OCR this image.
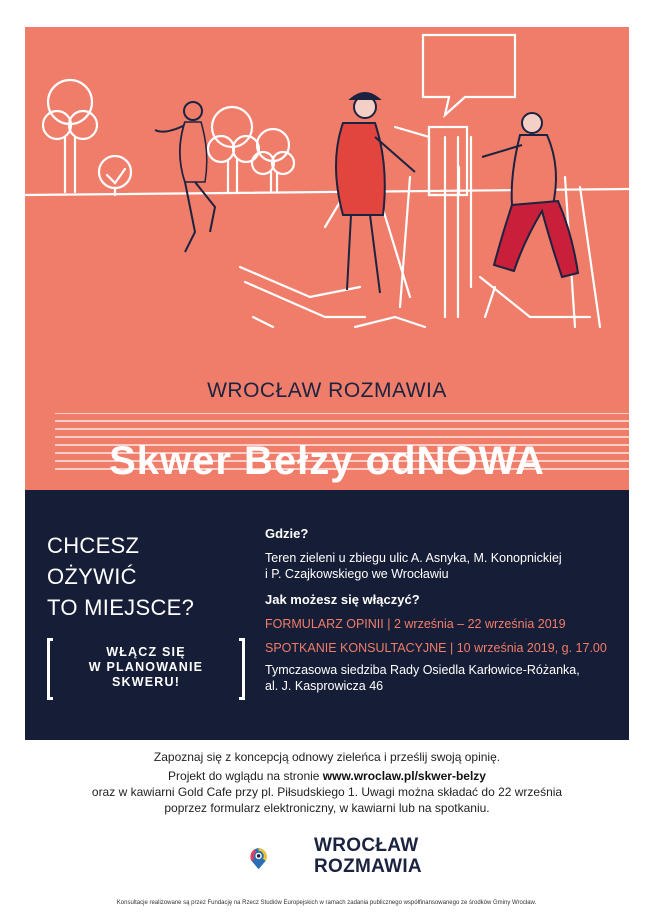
WROCŁAW ROZMAWIA
Skwer Bełzy odNOWA
CHCESZ
OŻYWIĆ
TO MIEJSCE?
WŁĄCZ SIĘ
W PLANOWANIE
SKWERU!
Gdzie?
Teren zieleni u zbiegu ulic A. Asnyka, M. Konopnickiej
i P. Czajkowskiego we Wrocławiu
Jak możesz się włączyć?
FORMULARZ OPINII | 2 września – 22 września 2019
SPOTKANIE KONSULTACYJNE | 10 września 2019, g. 17.00
Tymczasowa siedziba Rady Osiedla Karłowice-Różanka,
al. J. Kasprowicza 46
Zapoznaj się z koncepcją odnowy zieleńca i prześlij swoją opinię.
Projekt do wglądu na stronie www.wroclaw.pl/skwer-belzy
oraz w kawiarni Gold Cafe przy pl. Piłsudskiego 1. Uwagi można składać do 22 września
poprzez formularz elektroniczny, w kawiarni lub na spotkaniu.
WROCŁAW
ROZMAWIA
Konsultacje realizowane są przez Fundację na Rzecz Studiów Europejskich w ramach zadania publicznego współfinansowanego ze środków Gminy Wrocław.
